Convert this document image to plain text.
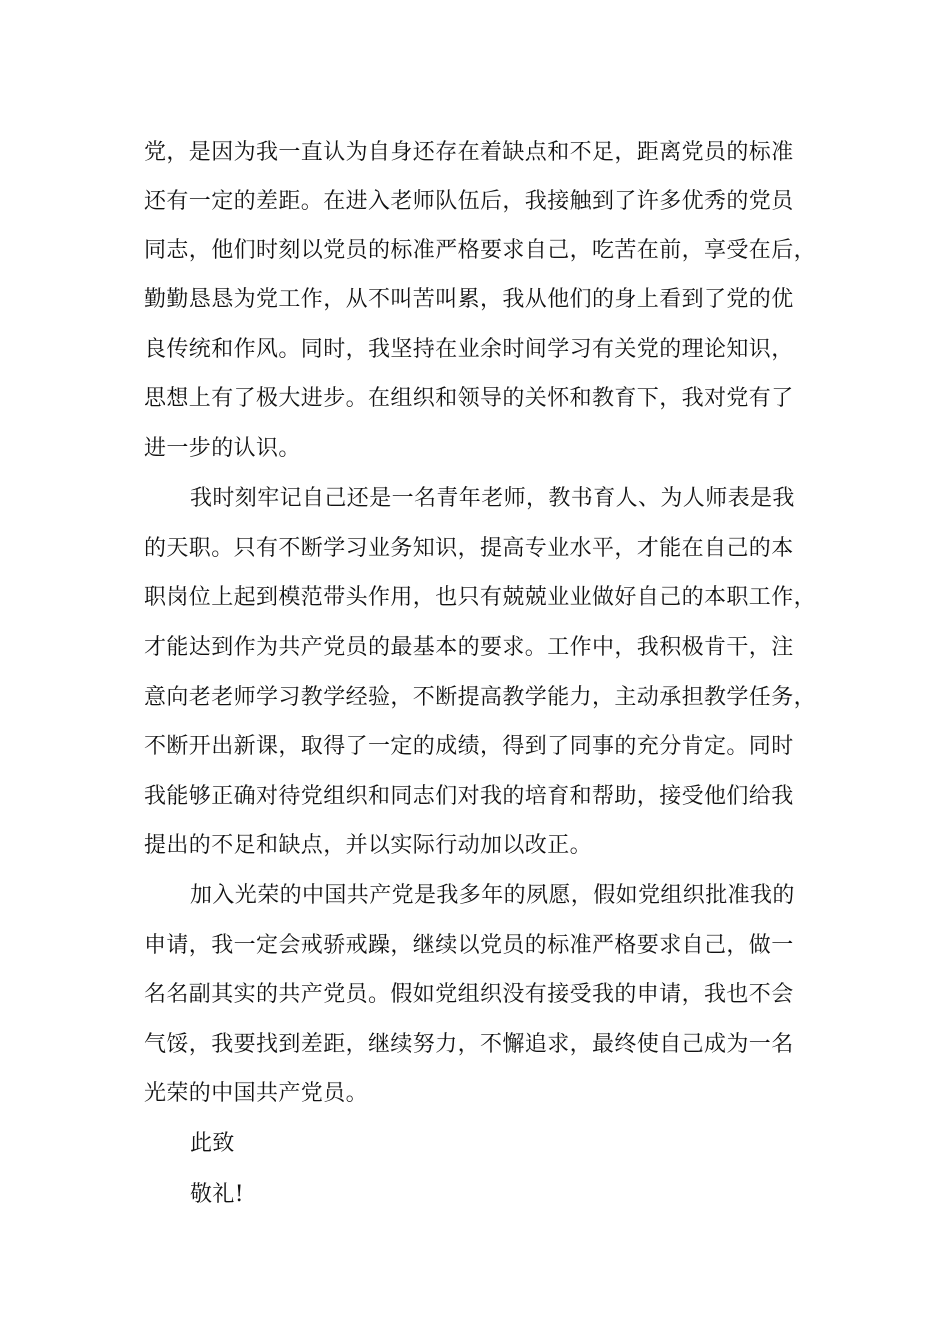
党，是因为我一直认为自身还存在着缺点和不足，距离党员的标准
还有一定的差距。在进入老师队伍后，我接触到了许多优秀的党员
同志，他们时刻以党员的标准严格要求自己，吃苦在前，享受在后，
勤勤恳恳为党工作，从不叫苦叫累，我从他们的身上看到了党的优
良传统和作风。同时，我坚持在业余时间学习有关党的理论知识，
思想上有了极大进步。在组织和领导的关怀和教育下，我对党有了
进一步的认识。
我时刻牢记自己还是一名青年老师，教书育人、为人师表是我
的天职。只有不断学习业务知识，提高专业水平，才能在自己的本
职岗位上起到模范带头作用，也只有兢兢业业做好自己的本职工作，
才能达到作为共产党员的最基本的要求。工作中，我积极肯干，注
意向老老师学习教学经验，不断提高教学能力，主动承担教学任务，
不断开出新课，取得了一定的成绩，得到了同事的充分肯定。同时
我能够正确对待党组织和同志们对我的培育和帮助，接受他们给我
提出的不足和缺点，并以实际行动加以改正。
加入光荣的中国共产党是我多年的夙愿，假如党组织批准我的
申请，我一定会戒骄戒躁，继续以党员的标准严格要求自己，做一
名名副其实的共产党员。假如党组织没有接受我的申请，我也不会
气馁，我要找到差距，继续努力，不懈追求，最终使自己成为一名
光荣的中国共产党员。
此致
敬礼!
